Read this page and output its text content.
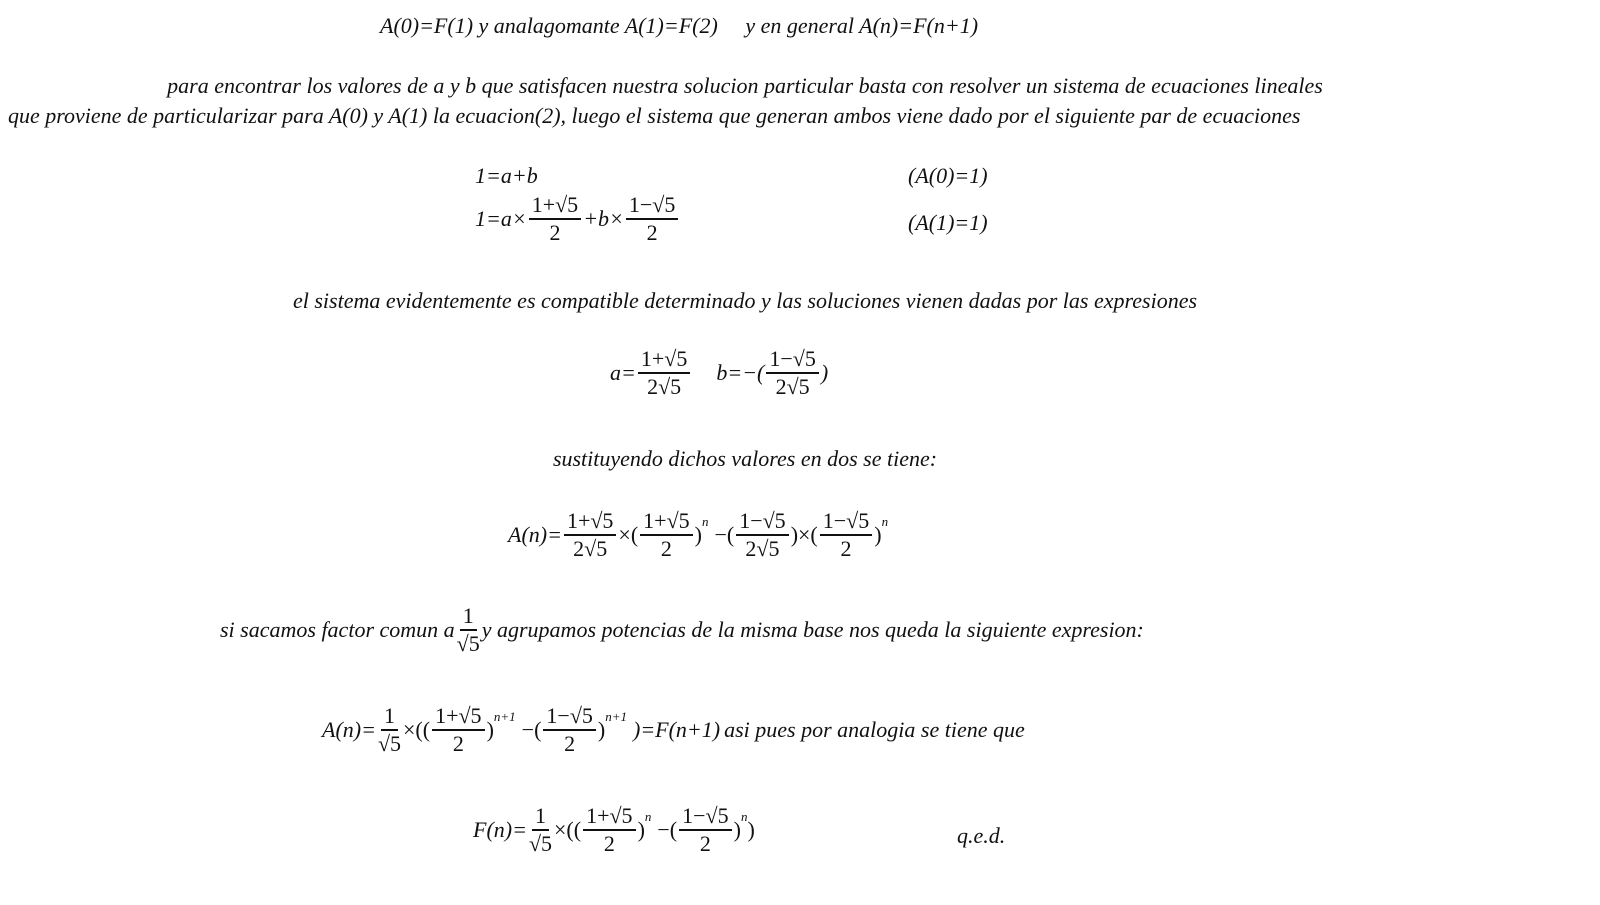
A(0)=F(1) y analagomante A(1)=F(2) y en general A(n)=F(n+1)
para encontrar los valores de a y b que satisfacen nuestra solucion particular basta con resolver un sistema de ecuaciones lineales
que proviene de particularizar para A(0) y A(1) la ecuacion(2), luego el sistema que generan ambos viene dado por el siguiente par de ecuaciones
1=a+b	(A(0)=1)
$1=a\times \frac{1+√5}{2} +b\times \frac{1-√5}{2}$	(A(1)=1)
el sistema evidentemente es compatible determinado y las soluciones vienen dadas por las expresiones
$a= \frac{1+√5}{2√5} b=-( \frac{1-√5}{2√5}$ )
sustituyendo dichos valores en dos se tiene:
$A(n)= \frac{1+√5}{2√5}$ ×( $\frac{1+√5}{2}$ )
$^n$
−( $\frac{1-√5}{2√5}$ )×( $\frac{1-√5}{2}$ )
$^n$
si sacamos factor comun a $\frac{1}{√5}$ y agrupamos potencias de la misma base nos queda la siguiente expresion:
$A(n)= \frac{1}{√5}$ ×(( $\frac{1+√5}{2}$ )
$^{n+1}$
−( $\frac{1-√5}{2}$ )
$^{n+1}$
)=F(n+1) asi pues por analogia se tiene que
$F(n)= \frac{1}{√5}$ ×(( $\frac{1+√5}{2}$ )
$^n$
−( $\frac{1-√5}{2}$ )
$^n$
)	q.e.d.
